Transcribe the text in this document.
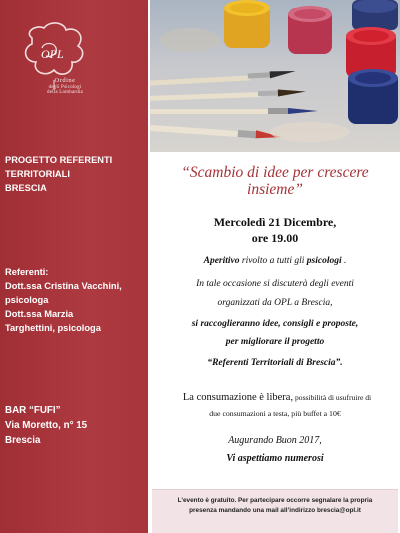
OPL
Ordine
degli Psicologi
della Lombardia
PROGETTO REFERENTI
TERRITORIALI
BRESCIA
Referenti:
Dott.ssa Cristina Vacchini,
psicologa
Dott.ssa Marzia
Targhettini, psicologa
BAR “FUFI”
Via Moretto, n° 15
Brescia
“Scambio di idee per crescere
insieme”
Mercoledì 21 Dicembre,
ore 19.00
Aperitivo rivolto a tutti gli psicologi .
In tale occasione si discuterà degli eventi
organizzati da OPL a Brescia,
si raccoglieranno idee, consigli e proposte,
per migliorare il progetto
“Referenti Territoriali di Brescia”.
La consumazione è libera, possibilità di usufruire di
due consumazioni a testa, più buffet a 10€
Augurando Buon 2017,
Vi aspettiamo numerosi
L’evento è gratuito. Per partecipare occorre segnalare la propria
presenza mandando una mail all’indirizzo brescia@opl.it
